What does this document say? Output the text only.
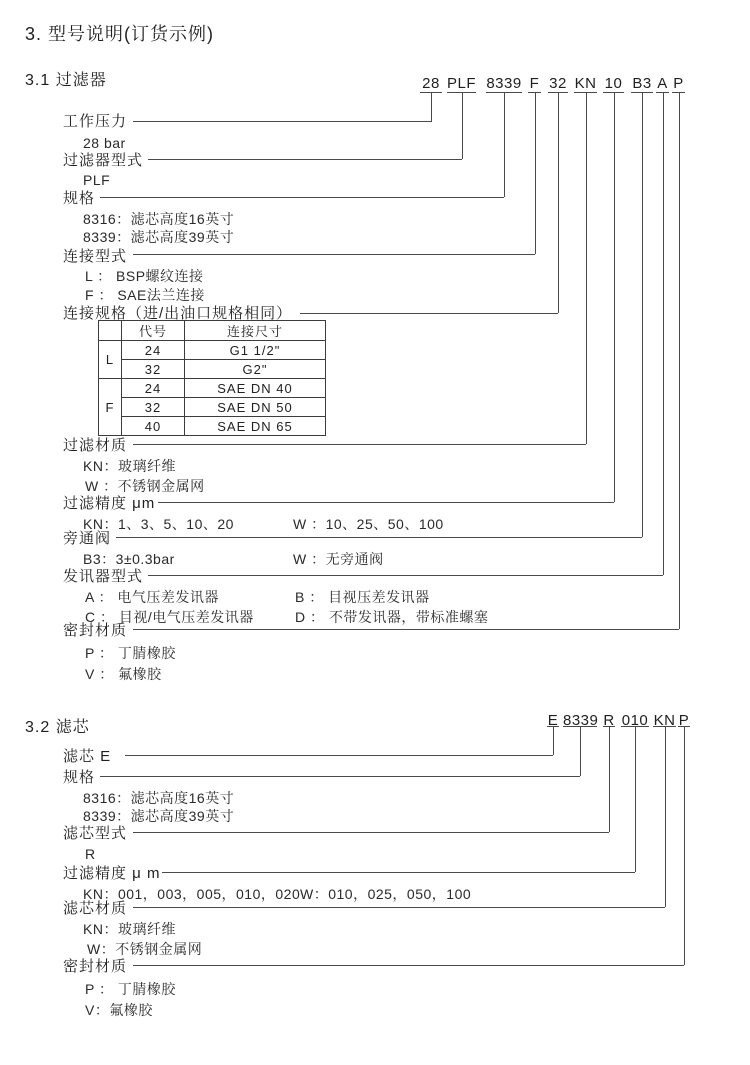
3. 型号说明(订货示例)
3.1 过滤器	28 PLF 8339 F 32 KN 10 B3 A P
工作压力
28 bar
过滤器型式
PLF
规格
8316：滤芯高度16英寸
8339：滤芯高度39英寸
连接型式
L ： BSP螺纹连接
F ： SAE法兰连接
连接规格（进/出油口规格相同）
	代号	连接尺寸
L	24	G1 1/2"
	32	G2"
F	24	SAE DN 40
	32	SAE DN 50
	40	SAE DN 65
过滤材质
KN：玻璃纤维
W ：不锈钢金属网
过滤精度 μm
KN：1、3、5、10、20	W ：10、25、50、100
旁通阀
B3：3±0.3bar	W ：无旁通阀
发讯器型式
A ： 电气压差发讯器	B ： 目视压差发讯器
C ： 目视/电气压差发讯器	D ： 不带发讯器，带标准螺塞
密封材质
P ： 丁腈橡胶
V ： 氟橡胶
3.2 滤芯	E 8339 R 010 KN P
滤芯 E
规格
8316：滤芯高度16英寸
8339：滤芯高度39英寸
滤芯型式
R
过滤精度 μ m
KN：001，003，005，010，020 W：010，025，050，100
滤芯材质
KN：玻璃纤维
W：不锈钢金属网
密封材质
P ： 丁腈橡胶
V：氟橡胶
